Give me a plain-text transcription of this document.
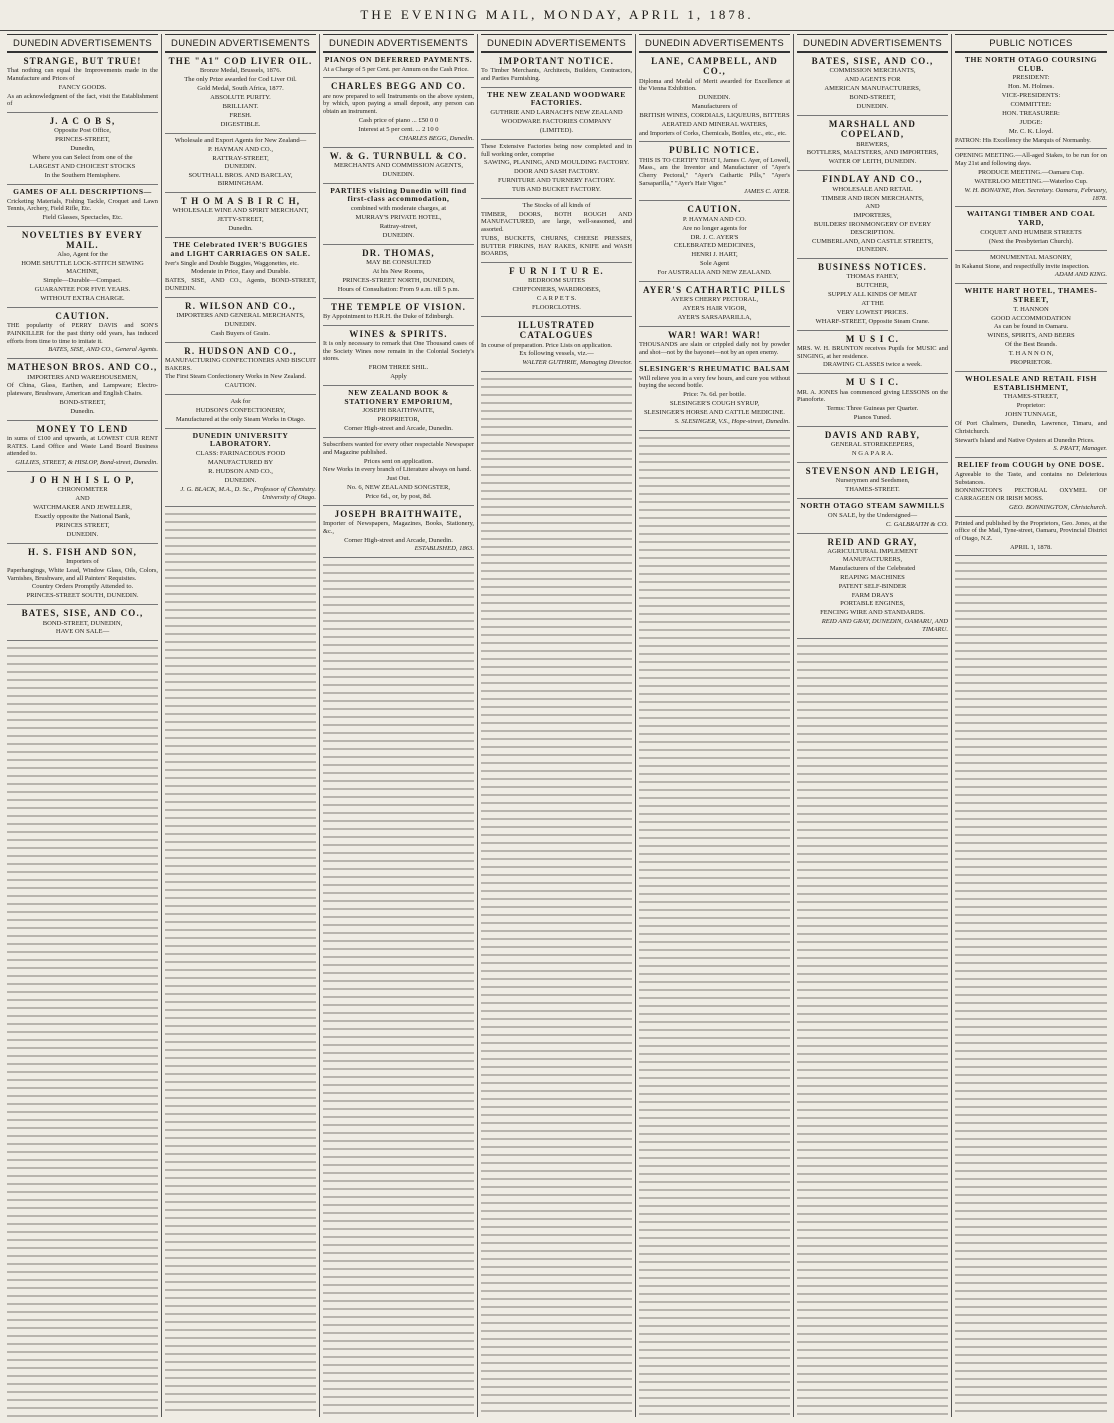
THE EVENING MAIL, MONDAY, APRIL 1, 1878.
DUNEDIN ADVERTISEMENTS
STRANGE, BUT TRUE!
That nothing can equal the Improvements made in the Manufacture and Prices of
FANCY GOODS.
As an acknowledgment of the fact, visit the Establishment of
J. A C O B S,
Opposite Post Office,
PRINCES-STREET,
Dunedin,
Where you can Select from one of the
LARGEST AND CHOICEST STOCKS
In the Southern Hemisphere.
GAMES OF ALL DESCRIPTIONS—
Cricketing Materials, Fishing Tackle, Croquet and Lawn Tennis, Archery, Field Rifle, Etc.
Field Glasses, Spectacles, Etc.
NOVELTIES BY EVERY MAIL.
Also, Agent for the
HOME SHUTTLE LOCK-STITCH SEWING MACHINE,
Simple—Durable—Compact.
GUARANTEE FOR FIVE YEARS.
WITHOUT EXTRA CHARGE.
CAUTION.
THE popularity of PERRY DAVIS and SON'S PAINKILLER for the past thirty odd years, has induced efforts from time to time to imitate it.
BATES, SISE, AND CO., General Agents.
MATHESON BROS. AND CO.,
IMPORTERS AND WAREHOUSEMEN,
Of China, Glass, Earthen, and Lampware; Electro-plateware, Brushware, American and English Chairs.
BOND-STREET,
Dunedin.
MONEY TO LEND
in sums of £100 and upwards, at LOWEST CUR RENT RATES. Land Office and Waste Land Board Business attended to.
GILLIES, STREET, & HISLOP, Bond-street, Dunedin.
J O H N H I S L O P,
CHRONOMETER
AND
WATCHMAKER AND JEWELLER,
Exactly opposite the National Bank,
PRINCES STREET,
DUNEDIN.
H. S. FISH AND SON,
Importers of
Paperhangings, White Lead, Window Glass, Oils, Colors, Varnishes, Brushware, and all Painters' Requisites.
Country Orders Promptly Attended to.
PRINCES-STREET SOUTH, DUNEDIN.
BATES, SISE, AND CO.,
BOND-STREET, DUNEDIN,
HAVE ON SALE—
DUNEDIN ADVERTISEMENTS
THE "A1" COD LIVER OIL.
Bronze Medal, Brussels, 1876.
The only Prize awarded for Cod Liver Oil.
Gold Medal, South Africa, 1877.
ABSOLUTE PURITY.
BRILLIANT.
FRESH.
DIGESTIBLE.
Wholesale and Export Agents for New Zealand—
P. HAYMAN AND CO.,
RATTRAY-STREET,
DUNEDIN.
SOUTHALL BROS. AND BARCLAY, BIRMINGHAM.
T H O M A S B I R C H,
WHOLESALE WINE AND SPIRIT MERCHANT,
JETTY-STREET,
Dunedin.
THE Celebrated IVER'S BUGGIES and LIGHT CARRIAGES ON SALE.
Iver's Single and Double Buggies, Waggonettes, etc.
Moderate in Price, Easy and Durable.
BATES, SISE, AND CO., Agents, BOND-STREET, DUNEDIN.
R. WILSON AND CO.,
IMPORTERS AND GENERAL MERCHANTS,
DUNEDIN.
Cash Buyers of Grain.
R. HUDSON AND CO.,
MANUFACTURING CONFECTIONERS AND BISCUIT BAKERS.
The First Steam Confectionery Works in New Zealand.
CAUTION.
Ask for
HUDSON'S CONFECTIONERY,
Manufactured at the only Steam Works in Otago.
DUNEDIN UNIVERSITY LABORATORY.
CLASS: FARINACEOUS FOOD
MANUFACTURED BY
R. HUDSON AND CO.,
DUNEDIN.
J. G. BLACK, M.A., D. Sc., Professor of Chemistry. University of Otago.
DUNEDIN ADVERTISEMENTS
PIANOS ON DEFERRED PAYMENTS.
At a Charge of 5 per Cent. per Annum on the Cash Price.
CHARLES BEGG AND CO.
are now prepared to sell Instruments on the above system, by which, upon paying a small deposit, any person can obtain an instrument.
Cash price of piano ... £50 0 0
Interest at 5 per cent. ... 2 10 0
CHARLES BEGG, Dunedin.
W. & G. TURNBULL & CO.
MERCHANTS AND COMMISSION AGENTS,
DUNEDIN.
PARTIES visiting Dunedin will find first-class accommodation,
combined with moderate charges, at
MURRAY'S PRIVATE HOTEL,
Rattray-street,
DUNEDIN.
DR. THOMAS,
MAY BE CONSULTED
At his New Rooms,
PRINCES-STREET NORTH, DUNEDIN,
Hours of Consultation: From 9 a.m. till 5 p.m.
THE TEMPLE OF VISION.
By Appointment to H.R.H. the Duke of Edinburgh.
WINES & SPIRITS.
It is only necessary to remark that One Thousand cases of the Society Wines now remain in the Colonial Society's stores.
FROM THREE SHIL.
Apply
NEW ZEALAND BOOK & STATIONERY EMPORIUM,
JOSEPH BRAITHWAITE,
PROPRIETOR,
Corner High-street and Arcade, Dunedin.
Subscribers wanted for every other respectable Newspaper and Magazine published.
Prices sent on application.
New Works in every branch of Literature always on hand.
Just Out.
No. 6, NEW ZEALAND SONGSTER,
Price 6d., or, by post, 8d.
JOSEPH BRAITHWAITE,
Importer of Newspapers, Magazines, Books, Stationery, &c.,
Corner High-street and Arcade, Dunedin.
ESTABLISHED, 1863.
DUNEDIN ADVERTISEMENTS
IMPORTANT NOTICE.
To Timber Merchants, Architects, Builders, Contractors, and Parties Furnishing.
THE NEW ZEALAND WOODWARE FACTORIES.
GUTHRIE AND LARNACH'S NEW ZEALAND
WOODWARE FACTORIES COMPANY
(LIMITED).
These Extensive Factories being now completed and in full working order, comprise
SAWING, PLANING, AND MOULDING FACTORY.
DOOR AND SASH FACTORY.
FURNITURE AND TURNERY FACTORY.
TUB AND BUCKET FACTORY.
The Stocks of all kinds of
TIMBER, DOORS, BOTH ROUGH AND MANUFACTURED, are large, well-seasoned, and assorted.
TUBS, BUCKETS, CHURNS, CHEESE PRESSES, BUTTER FIRKINS, HAY RAKES, KNIFE and WASH BOARDS,
F U R N I T U R E.
BEDROOM SUITES
CHIFFONIERS, WARDROBES,
C A R P E T S.
FLOORCLOTHS.
ILLUSTRATED CATALOGUES
In course of preparation. Price Lists on application.
Ex following vessels, viz.—
WALTER GUTHRIE, Managing Director.
DUNEDIN ADVERTISEMENTS
LANE, CAMPBELL, AND CO.,
Diploma and Medal of Merit awarded for Excellence at the Vienna Exhibition.
DUNEDIN.
Manufacturers of
BRITISH WINES, CORDIALS, LIQUEURS, BITTERS
AERATED AND MINERAL WATERS,
and Importers of Corks, Chemicals, Bottles, etc., etc., etc.
PUBLIC NOTICE.
THIS IS TO CERTIFY THAT I, James C. Ayer, of Lowell, Mass., am the Inventor and Manufacturer of "Ayer's Cherry Pectoral," "Ayer's Cathartic Pills," "Ayer's Sarsaparilla," "Ayer's Hair Vigor."
JAMES C. AYER.
CAUTION.
P. HAYMAN AND CO.
Are no longer agents for
DR. J. C. AYER'S
CELEBRATED MEDICINES,
HENRI J. HART,
Sole Agent
For AUSTRALIA AND NEW ZEALAND.
AYER'S CATHARTIC PILLS
AYER'S CHERRY PECTORAL,
AYER'S HAIR VIGOR,
AYER'S SARSAPARILLA,
WAR! WAR! WAR!
THOUSANDS are slain or crippled daily not by powder and shot—not by the bayonet—not by an open enemy.
SLESINGER'S RHEUMATIC BALSAM
Will relieve you in a very few hours, and cure you without buying the second bottle.
Price: 7s. 6d. per bottle.
SLESINGER'S COUGH SYRUP,
SLESINGER'S HORSE AND CATTLE MEDICINE.
S. SLESINGER, V.S., Hope-street, Dunedin.
DUNEDIN ADVERTISEMENTS
BATES, SISE, AND CO.,
COMMISSION MERCHANTS,
AND AGENTS FOR
AMERICAN MANUFACTURERS,
BOND-STREET,
DUNEDIN.
MARSHALL AND COPELAND,
BREWERS,
BOTTLERS, MALTSTERS, AND IMPORTERS,
WATER OF LEITH, DUNEDIN.
FINDLAY AND CO.,
WHOLESALE AND RETAIL
TIMBER AND IRON MERCHANTS,
AND
IMPORTERS,
BUILDERS' IRONMONGERY OF EVERY DESCRIPTION.
CUMBERLAND, AND CASTLE STREETS, DUNEDIN.
BUSINESS NOTICES.
THOMAS FAHEY,
BUTCHER,
SUPPLY ALL KINDS OF MEAT
AT THE
VERY LOWEST PRICES.
WHARF-STREET, Opposite Steam Crane.
M U S I C.
MRS. W. H. BRUNTON receives Pupils for MUSIC and SINGING, at her residence.
DRAWING CLASSES twice a week.
M U S I C.
MR. A. JONES has commenced giving LESSONS on the Pianoforte.
Terms: Three Guineas per Quarter.
Pianos Tuned.
DAVIS AND RABY,
GENERAL STOREKEEPERS,
N G A P A R A.
STEVENSON AND LEIGH,
Nurserymen and Seedsmen,
THAMES-STREET.
NORTH OTAGO STEAM SAWMILLS
ON SALE, by the Undersigned—
C. GALBRAITH & CO.
REID AND GRAY,
AGRICULTURAL IMPLEMENT MANUFACTURERS,
Manufacturers of the Celebrated
REAPING MACHINES
PATENT SELF-BINDER
FARM DRAYS
PORTABLE ENGINES,
FENCING WIRE AND STANDARDS.
REID AND GRAY, DUNEDIN, OAMARU, AND TIMARU.
PUBLIC NOTICES
THE NORTH OTAGO COURSING CLUB.
PRESIDENT:
Hon. M. Holmes.
VICE-PRESIDENTS:
COMMITTEE:
HON. TREASURER:
JUDGE:
Mr. C. K. Lloyd.
PATRON: His Excellency the Marquis of Normanby.
OPENING MEETING.—All-aged Stakes, to be run for on May 21st and following days.
PRODUCE MEETING.—Oamaru Cup.
WATERLOO MEETING.—Waterloo Cup.
W. H. BONAYNE, Hon. Secretary. Oamaru, February, 1878.
WAITANGI TIMBER AND COAL YARD,
COQUET AND HUMBER STREETS
(Next the Presbyterian Church).
MONUMENTAL MASONRY,
In Kakanui Stone, and respectfully invite inspection.
ADAM AND KING.
WHITE HART HOTEL, THAMES-STREET,
T. HANNON
GOOD ACCOMMODATION
As can be found in Oamaru.
WINES, SPIRITS, AND BEERS
Of the Best Brands.
T. H A N N O N,
PROPRIETOR.
WHOLESALE AND RETAIL FISH ESTABLISHMENT,
THAMES-STREET,
Proprietor:
JOHN TUNNAGE,
Of Port Chalmers, Dunedin, Lawrence, Timaru, and Christchurch.
Stewart's Island and Native Oysters at Dunedin Prices.
S. PRATT, Manager.
RELIEF from COUGH by ONE DOSE.
Agreeable to the Taste, and contains no Deleterious Substances.
BONNINGTON'S PECTORAL OXYMEL OF CARRAGEEN OR IRISH MOSS.
GEO. BONNINGTON, Christchurch.
Printed and published by the Proprietors, Geo. Jones, at the office of the Mail, Tyne-street, Oamaru, Provincial District of Otago, N.Z.
APRIL 1, 1878.
